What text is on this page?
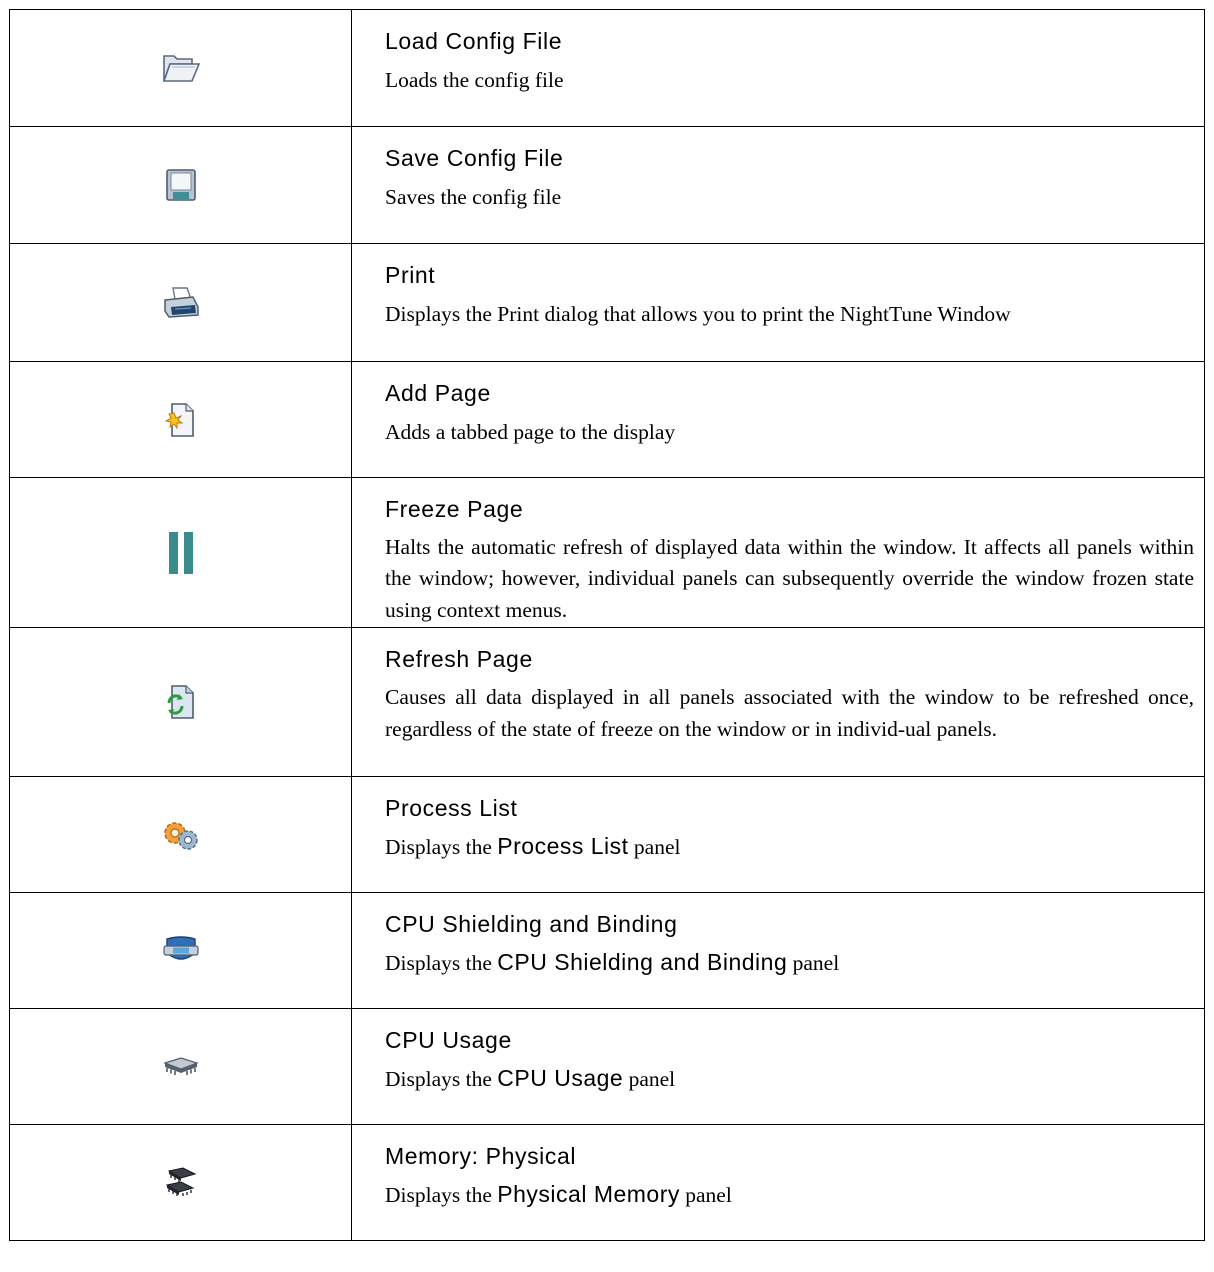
Load Config File
Loads the config file

Save Config File
Saves the config file

Print
Displays the Print dialog that allows you to print the NightTune Window

Add Page
Adds a tabbed page to the display

Freeze Page
Halts the automatic refresh of displayed data within the window. It affects all panels within the window; however, individual panels can subsequently override the window frozen state using context menus.

Refresh Page
Causes all data displayed in all panels associated with the window to be refreshed once, regardless of the state of freeze on the window or in individ-ual panels.

Process List
Displays the Process List panel

CPU Shielding and Binding
Displays the CPU Shielding and Binding panel

CPU Usage
Displays the CPU Usage panel

Memory: Physical
Displays the Physical Memory panel
